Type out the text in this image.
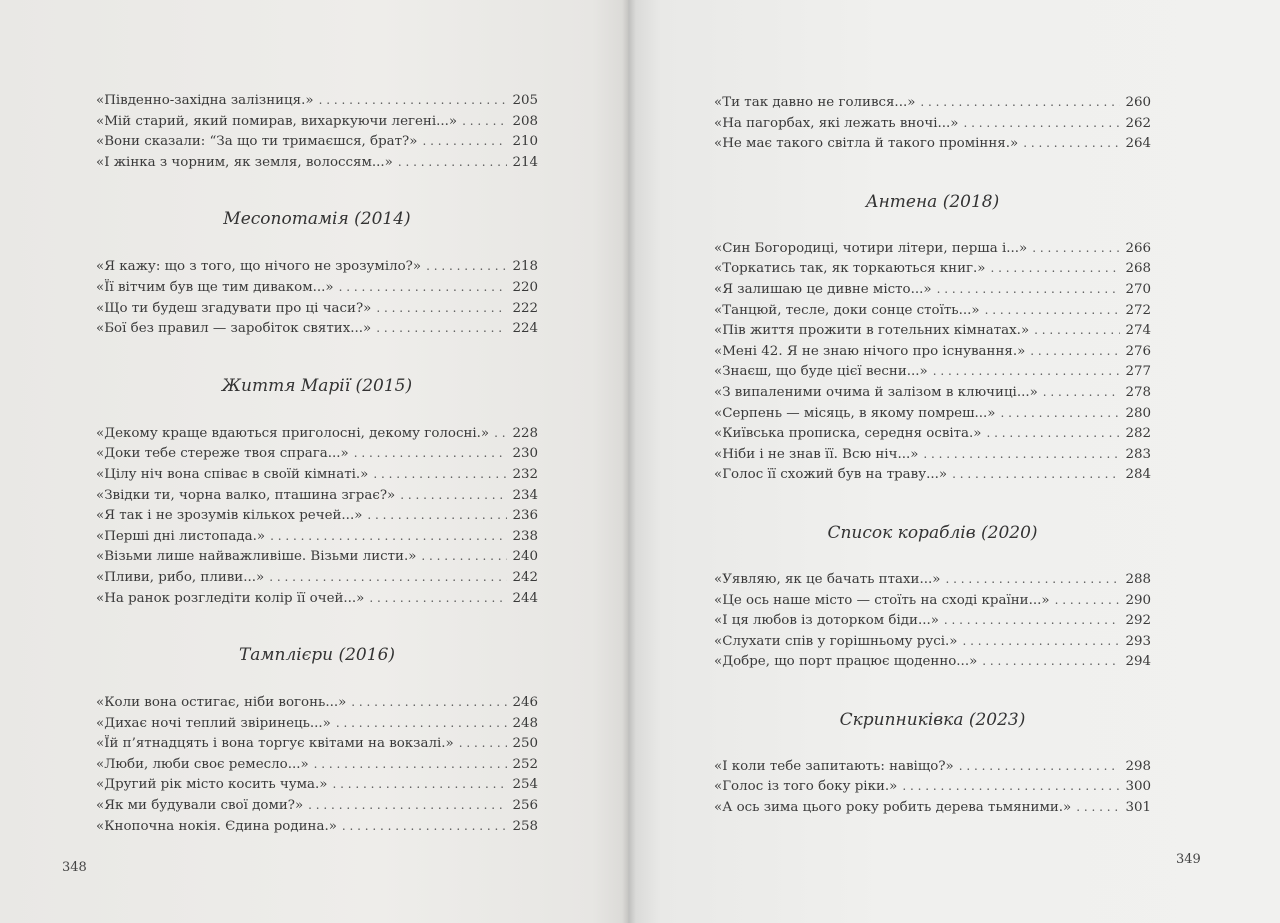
«Південно-західна залізниця.» . . .	205
«Мій старий, який помирав, вихаркуючи легені...» . . .	208
«Вони сказали: “За що ти тримаєшся, брат?» . . .	210
«І жінка з чорним, як земля, волоссям...» . . .	214
Месопотамія (2014)
«Я кажу: що з того, що нічого не зрозуміло?» . . .	218
«Її вітчим був ще тим диваком...» . . .	220
«Що ти будеш згадувати про ці часи?» . . .	222
«Бої без правил — заробіток святих...» . . .	224
Життя Марії (2015)
«Декому краще вдаються приголосні, декому голосні.» . . . 228
«Доки тебе стереже твоя спрага...» . . .	230
«Цілу ніч вона співає в своїй кімнаті.» . . .	232
«Звідки ти, чорна валко, пташина зграє?» . . .	234
«Я так і не зрозумів кількох речей...» . . .	236
«Перші дні листопада.» . . .	238
«Візьми лише найважливіше. Візьми листи.» . . .	240
«Пливи, рибо, пливи...» . . .	242
«На ранок розгледіти колір її очей...» . . .	244
Тамплієри (2016)
«Коли вона остигає, ніби вогонь...» . . .	246
«Дихає ночі теплий звіринець...» . . .	248
«Їй п’ятнадцять і вона торгує квітами на вокзалі.» . . .	250
«Люби, люби своє ремесло...» . . .	252
«Другий рік місто косить чума.» . . .	254
«Як ми будували свої доми?» . . .	256
«Кнопочна нокія. Єдина родина.» . . .	258
348
«Ти так давно не голився...» . . .	260
«На пагорбах, які лежать вночі...» . . .	262
«Не має такого світла й такого проміння.» . . .	264
Антена (2018)
«Син Богородиці, чотири літери, перша і...» . . .	266
«Торкатись так, як торкаються книг.» . . .	268
«Я залишаю це дивне місто...» . . .	270
«Танцюй, тесле, доки сонце стоїть...» . . .	272
«Пів життя прожити в готельних кімнатах.» . . .	274
«Мені 42. Я не знаю нічого про існування.» . . .	276
«Знаєш, що буде цієї весни...» . . .	277
«З випаленими очима й залізом в ключиці...» . . .	278
«Серпень — місяць, в якому помреш...» . . .	280
«Київська прописка, середня освіта.» . . .	282
«Ніби і не знав її. Всю ніч...» . . .	283
«Голос її схожий був на траву...» . . .	284
Список кораблів (2020)
«Уявляю, як це бачать птахи...» . . .	288
«Це ось наше місто — стоїть на сході країни...» . . .	290
«І ця любов із доторком біди...» . . .	292
«Слухати спів у горішньому русі.» . . .	293
«Добре, що порт працює щоденно...» . . .	294
Скрипниківка (2023)
«І коли тебе запитають: навіщо?» . . .	298
«Голос із того боку ріки.» . . .	300
«А ось зима цього року робить дерева тьмяними.» . . .	301
349
